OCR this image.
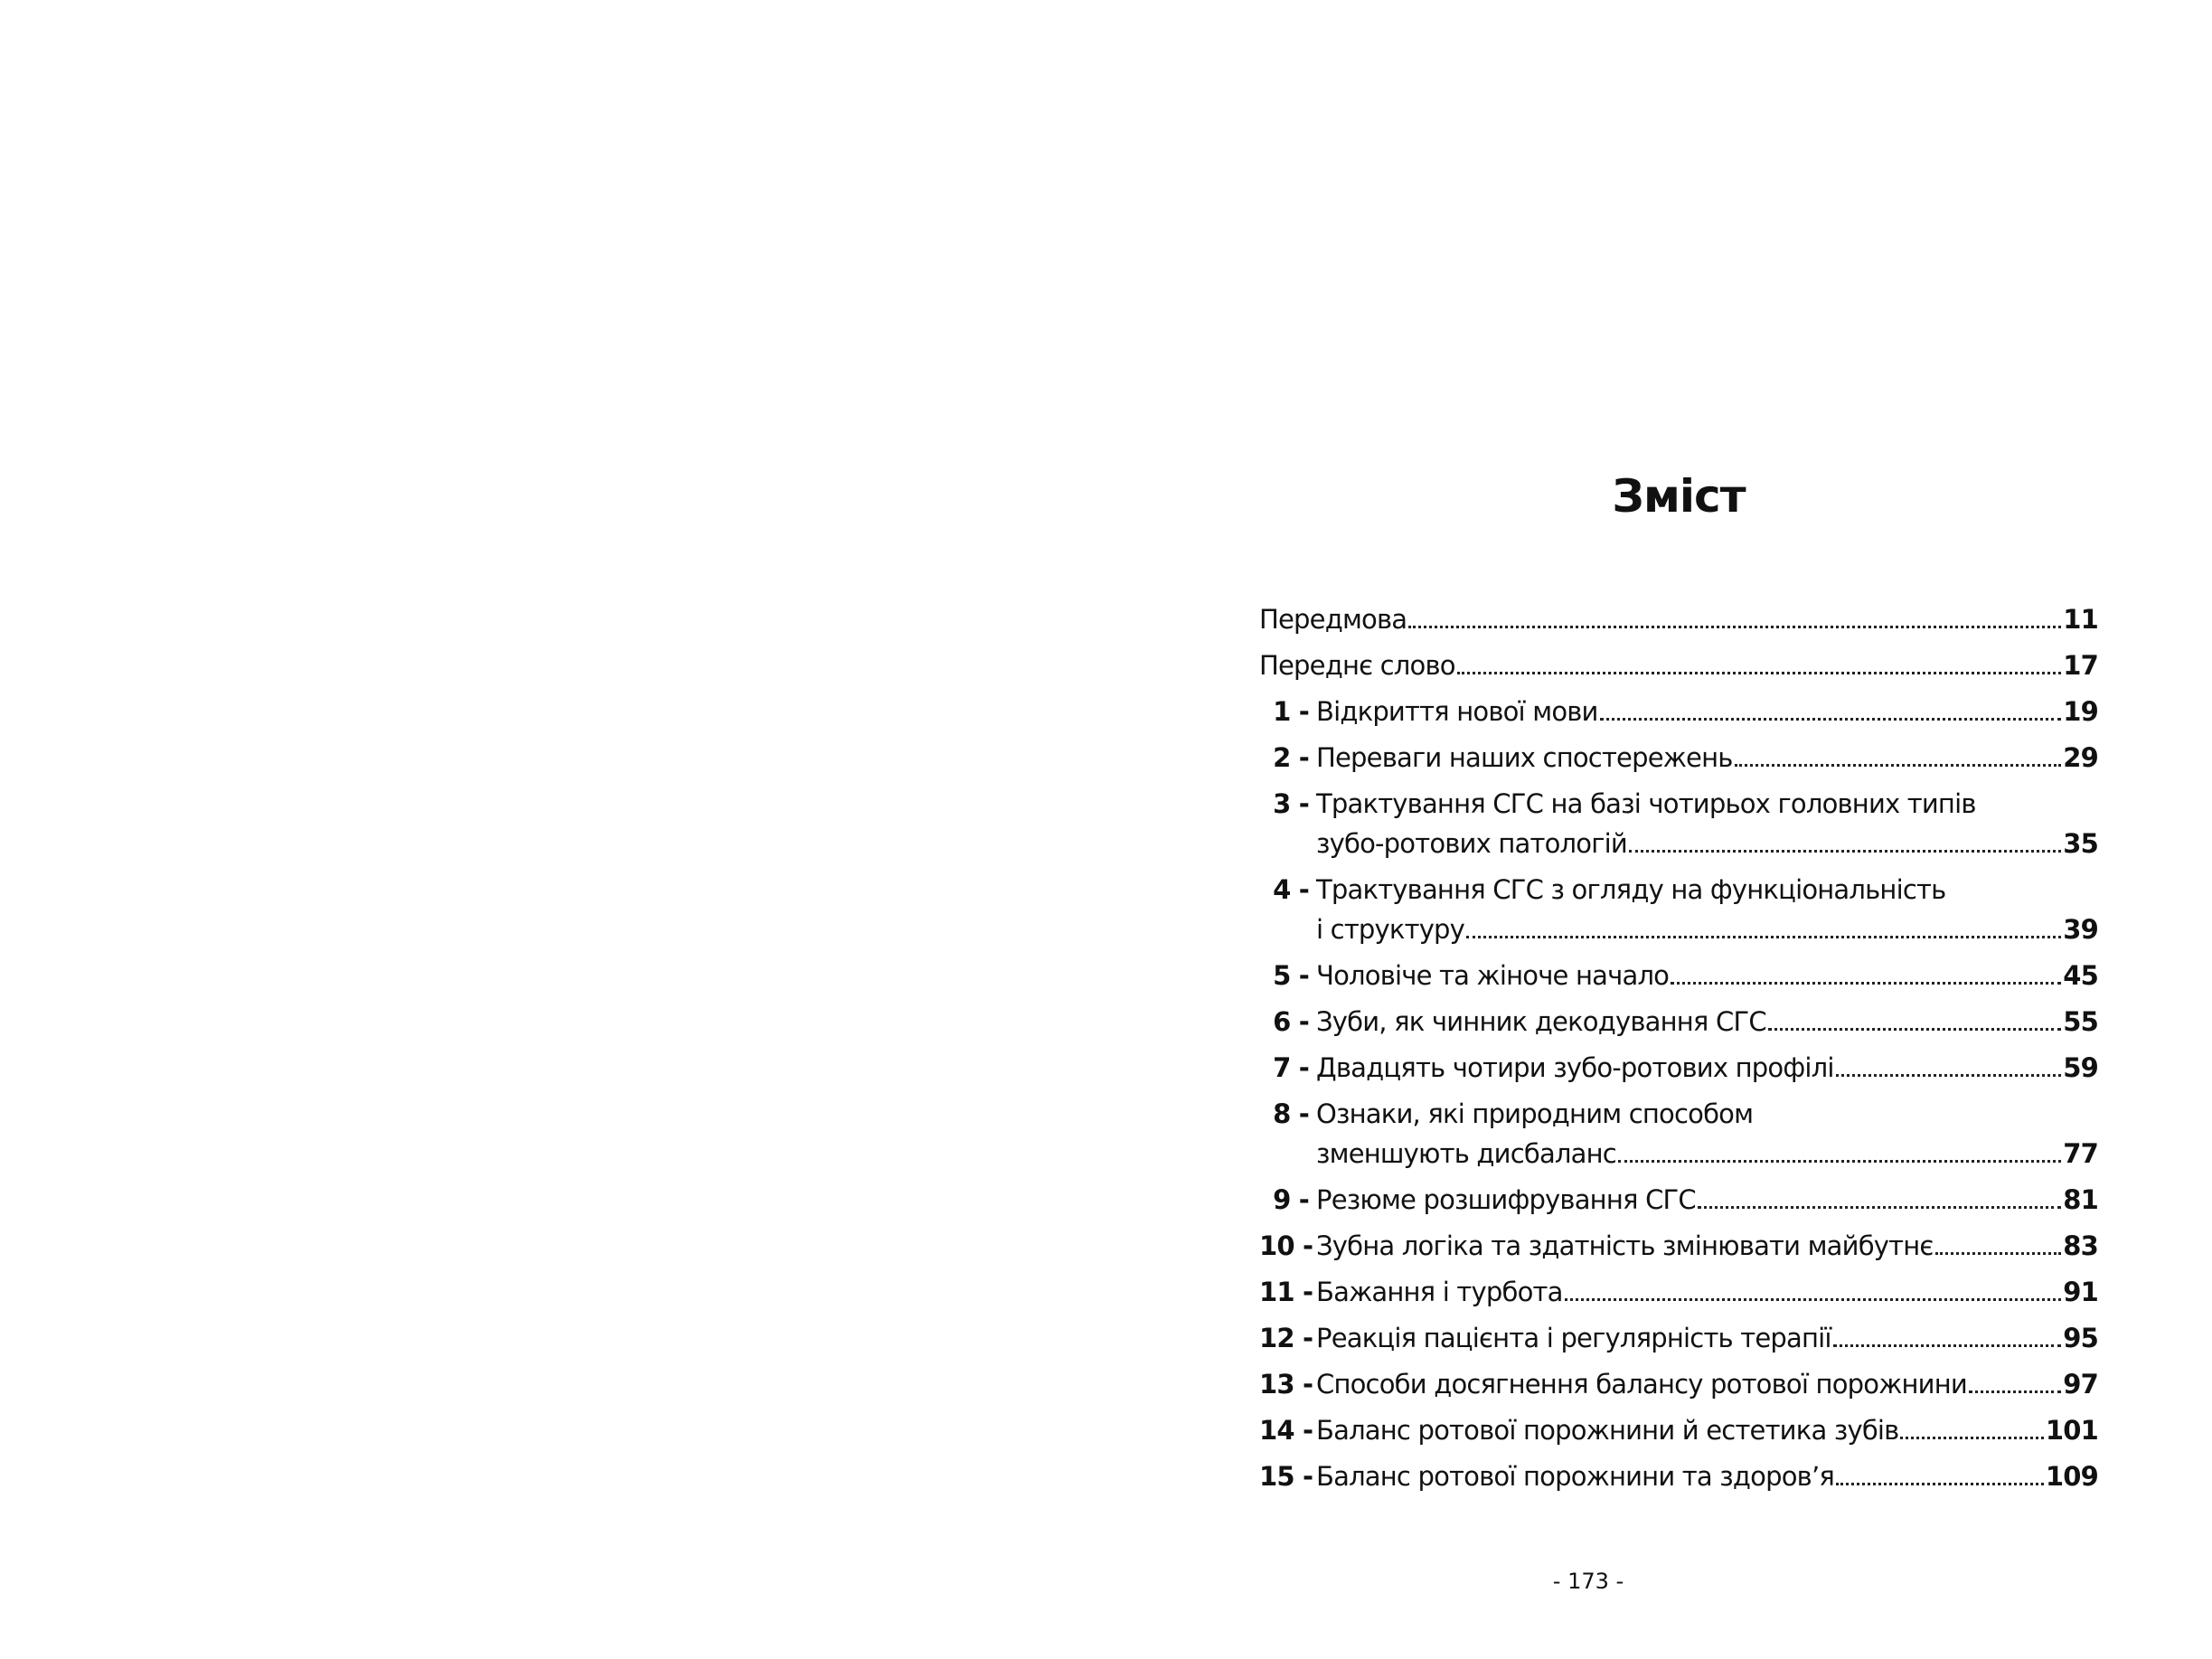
Зміст
Передмова	11
Переднє слово	17
1 - Відкриття нової мови	19
2 - Переваги наших спостережень	29
3 - Трактування СГС на базі чотирьох головних типів
зубо-ротових патологій	35
4 - Трактування СГС з огляду на функціональність
і структуру	39
5 - Чоловіче та жіноче начало	45
6 - Зуби, як чинник декодування СГС	55
7 - Двадцять чотири зубо-ротових профілі	59
8 - Ознаки, які природним способом
зменшують дисбаланс	77
9 - Резюме розшифрування СГС	81
10 - Зубна логіка та здатність змінювати майбутнє	83
11 - Бажання і турбота	91
12 - Реакція пацієнта і регулярність терапії	95
13 - Способи досягнення балансу ротової порожнини	97
14 - Баланс ротової порожнини й естетика зубів	101
15 - Баланс ротової порожнини та здоров’я	109
- 173 -
